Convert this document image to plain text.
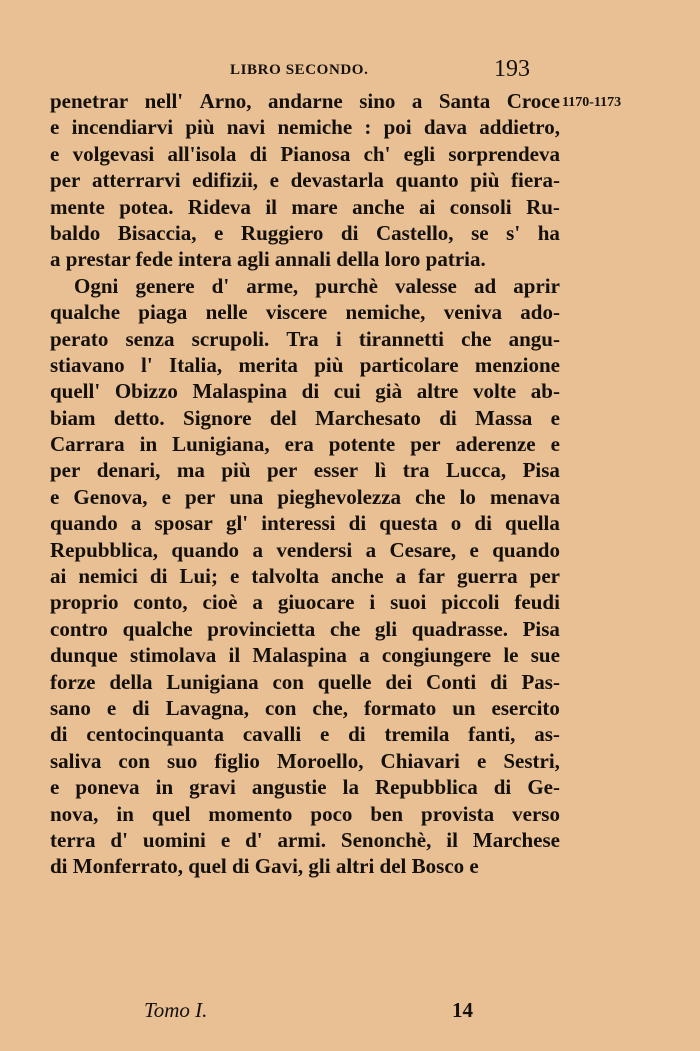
LIBRO SECONDO.	193
1170-1173
penetrar nell' Arno, andarne sino a Santa Croce
e incendiarvi più navi nemiche : poi dava addietro,
e volgevasi all'isola di Pianosa ch' egli sorprendeva
per atterrarvi edifizii, e devastarla quanto più fiera-
mente potea. Rideva il mare anche ai consoli Ru-
baldo Bisaccia, e Ruggiero di Castello, se s' ha
a prestar fede intera agli annali della loro patria.
Ogni genere d' arme, purchè valesse ad aprir
qualche piaga nelle viscere nemiche, veniva ado-
perato senza scrupoli. Tra i tirannetti che angu-
stiavano l' Italia, merita più particolare menzione
quell' Obizzo Malaspina di cui già altre volte ab-
biam detto. Signore del Marchesato di Massa e
Carrara in Lunigiana, era potente per aderenze e
per denari, ma più per esser lì tra Lucca, Pisa
e Genova, e per una pieghevolezza che lo menava
quando a sposar gl' interessi di questa o di quella
Repubblica, quando a vendersi a Cesare, e quando
ai nemici di Lui; e talvolta anche a far guerra per
proprio conto, cioè a giuocare i suoi piccoli feudi
contro qualche provincietta che gli quadrasse. Pisa
dunque stimolava il Malaspina a congiungere le sue
forze della Lunigiana con quelle dei Conti di Pas-
sano e di Lavagna, con che, formato un esercito
di centocinquanta cavalli e di tremila fanti, as-
saliva con suo figlio Moroello, Chiavari e Sestri,
e poneva in gravi angustie la Repubblica di Ge-
nova, in quel momento poco ben provista verso
terra d' uomini e d' armi. Senonchè, il Marchese
di Monferrato, quel di Gavi, gli altri del Bosco e
Tomo I.	14
